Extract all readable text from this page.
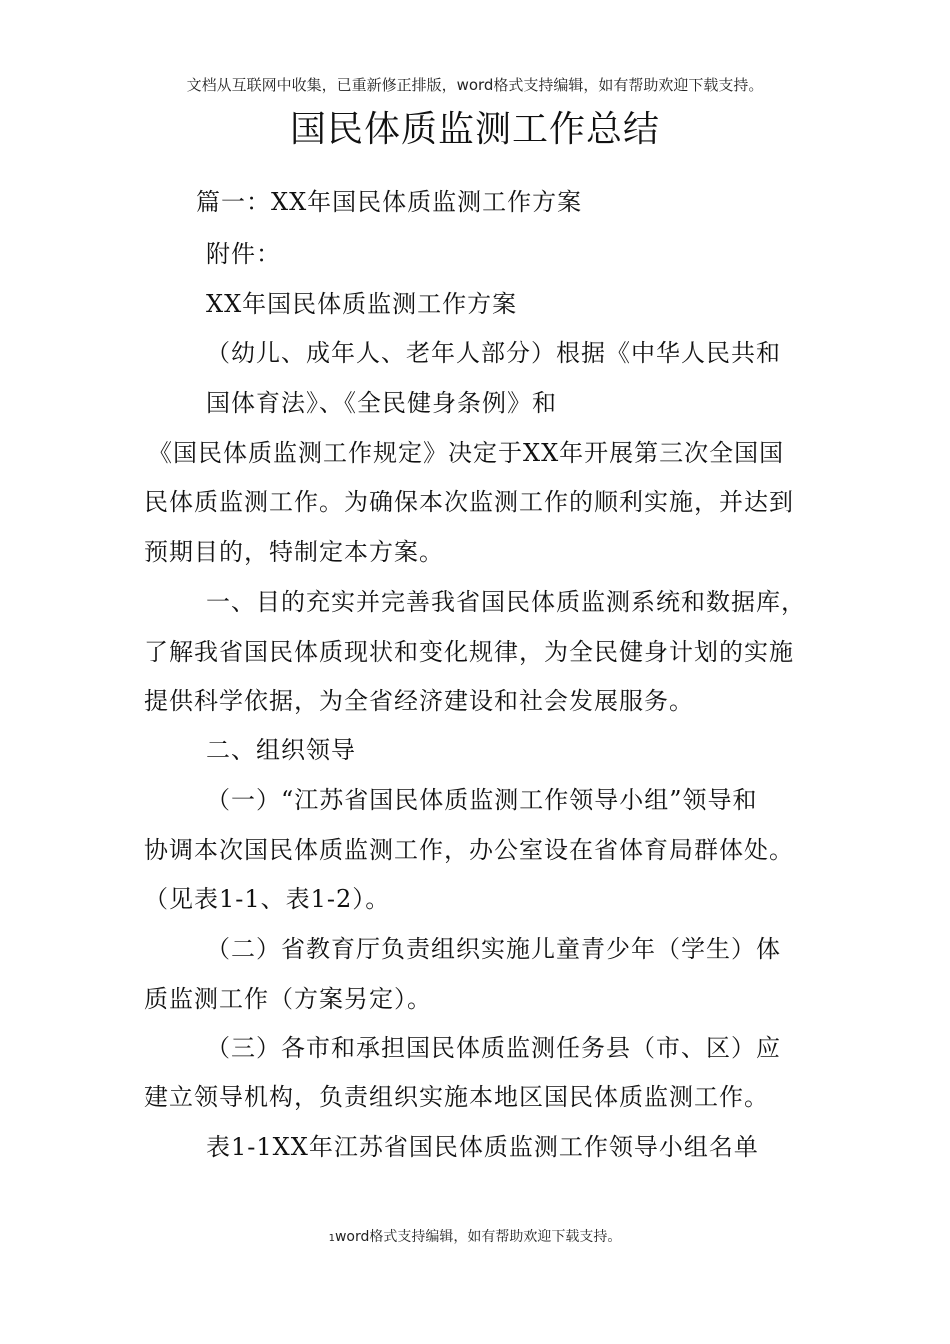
文档从互联网中收集，已重新修正排版，word格式支持编辑，如有帮助欢迎下载支持。
国民体质监测工作总结
篇一：XX年国民体质监测工作方案
附件：
XX年国民体质监测工作方案
（幼儿、成年人、老年人部分）根据《中华人民共和
国体育法》、《全民健身条例》和
《国民体质监测工作规定》决定于XX年开展第三次全国国
民体质监测工作。为确保本次监测工作的顺利实施，并达到
预期目的，特制定本方案。
一、目的充实并完善我省国民体质监测系统和数据库，
了解我省国民体质现状和变化规律，为全民健身计划的实施
提供科学依据，为全省经济建设和社会发展服务。
二、组织领导
（一）“江苏省国民体质监测工作领导小组”领导和
协调本次国民体质监测工作，办公室设在省体育局群体处。
（见表1-1、表1-2）。
（二）省教育厅负责组织实施儿童青少年（学生）体
质监测工作（方案另定）。
（三）各市和承担国民体质监测任务县（市、区）应
建立领导机构，负责组织实施本地区国民体质监测工作。
表1-1XX年江苏省国民体质监测工作领导小组名单
1word格式支持编辑，如有帮助欢迎下载支持。
